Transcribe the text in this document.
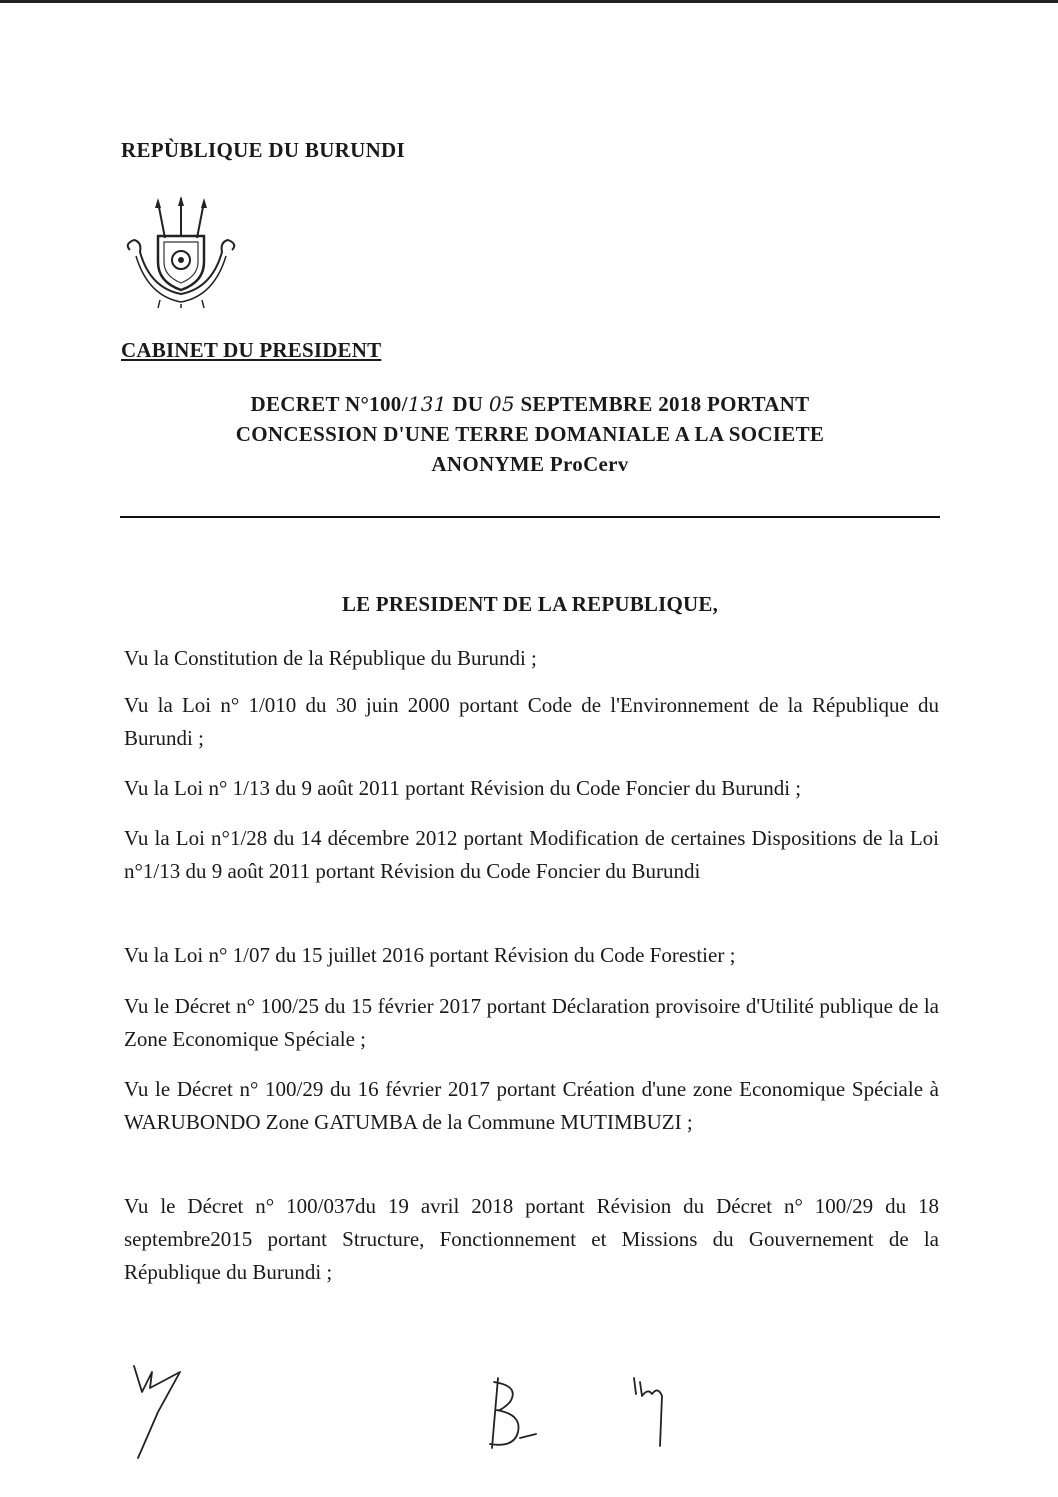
REPÙBLIQUE DU BURUNDI
CABINET DU PRESIDENT
DECRET N°100/131 DU 05 SEPTEMBRE 2018 PORTANT
CONCESSION D'UNE TERRE DOMANIALE A LA SOCIETE
ANONYME ProCerv
LE PRESIDENT DE LA REPUBLIQUE,
Vu la Constitution de la République du Burundi ;
Vu la Loi n° 1/010 du 30 juin 2000 portant Code de l'Environnement de la République du Burundi ;
Vu la Loi n° 1/13 du 9 août 2011 portant Révision du Code Foncier du Burundi ;
Vu la Loi n°1/28 du 14 décembre 2012 portant Modification de certaines Dispositions de la Loi n°1/13 du 9 août 2011 portant Révision du Code Foncier du Burundi
Vu la Loi n° 1/07 du 15 juillet 2016 portant Révision du Code Forestier ;
Vu le Décret n° 100/25 du 15 février 2017 portant Déclaration provisoire d'Utilité publique de la Zone Economique Spéciale ;
Vu le Décret n° 100/29 du 16 février 2017 portant Création d'une zone Economique Spéciale à WARUBONDO Zone GATUMBA de la Commune MUTIMBUZI ;
Vu le Décret n° 100/037du 19 avril 2018 portant Révision du Décret n° 100/29 du 18 septembre2015 portant Structure, Fonctionnement et Missions du Gouvernement de la République du Burundi ;
